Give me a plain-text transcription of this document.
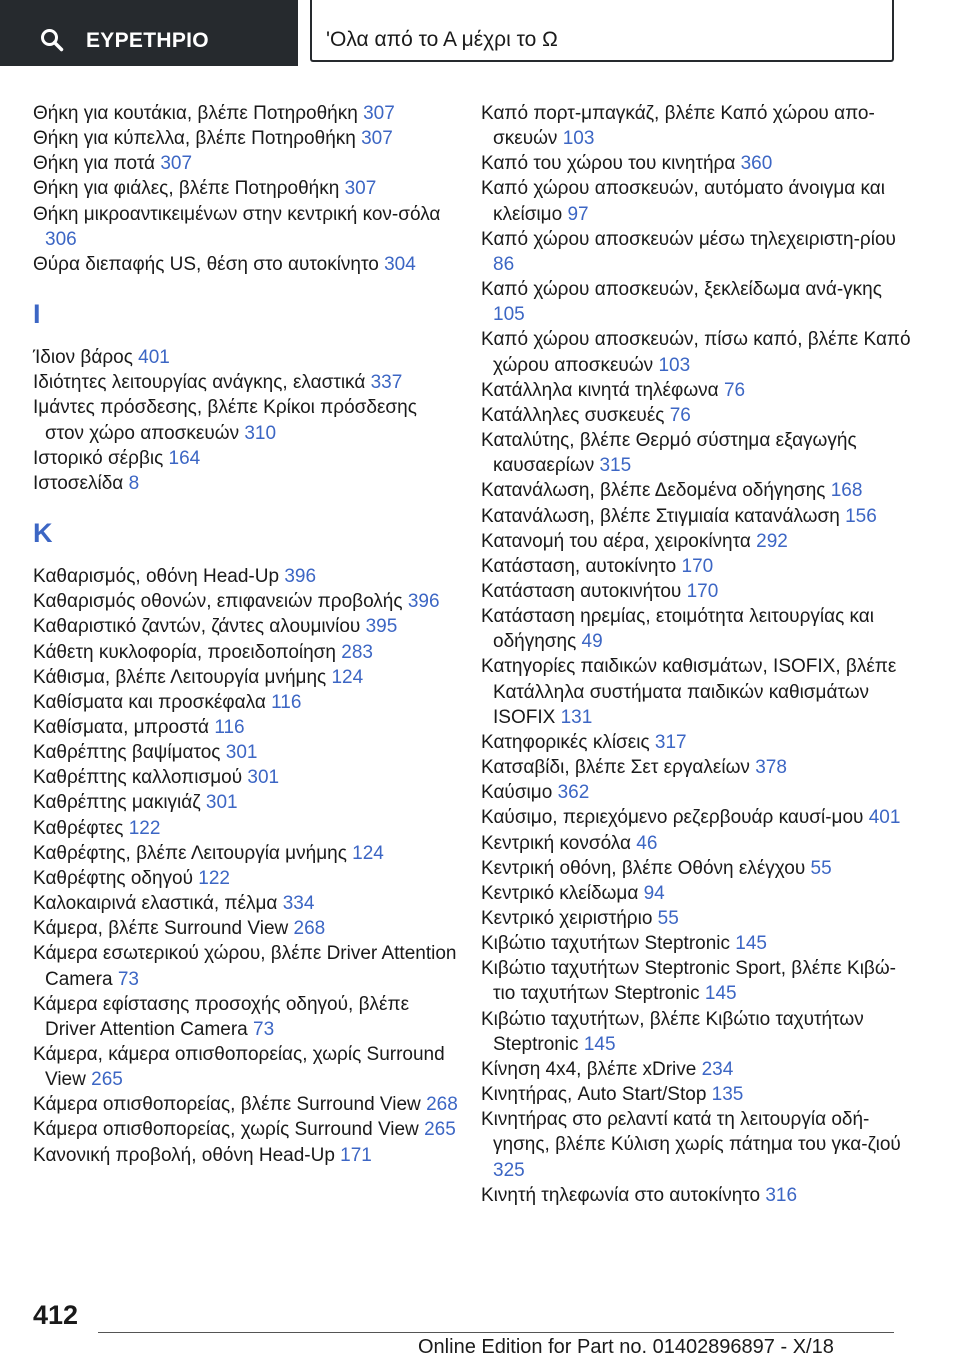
ΕΥΡΕΤΗΡΙΟ	'Ολα από το Α μέχρι το Ω
Θήκη για κουτάκια, βλέπε Ποτηροθήκη 307
Θήκη για κύπελλα, βλέπε Ποτηροθήκη 307
Θήκη για ποτά 307
Θήκη για φιάλες, βλέπε Ποτηροθήκη 307
Θήκη μικροαντικειμένων στην κεντρική κον‐σόλα 306
Θύρα διεπαφής US, θέση στο αυτοκίνητο 304
Ι
Ίδιον βάρος 401
Ιδιότητες λειτουργίας ανάγκης, ελαστικά 337
Ιμάντες πρόσδεσης, βλέπε Κρίκοι πρόσδεσης στον χώρο αποσκευών 310
Ιστορικό σέρβις 164
Ιστοσελίδα 8
Κ
Καθαρισμός, οθόνη Head-Up 396
Καθαρισμός οθονών, επιφανειών προβολής 396
Καθαριστικό ζαντών, ζάντες αλουμινίου 395
Κάθετη κυκλοφορία, προειδοποίηση 283
Κάθισμα, βλέπε Λειτουργία μνήμης 124
Καθίσματα και προσκέφαλα 116
Καθίσματα, μπροστά 116
Καθρέπτης βαψίματος 301
Καθρέπτης καλλοπισμού 301
Καθρέπτης μακιγιάζ 301
Καθρέφτες 122
Καθρέφτης, βλέπε Λειτουργία μνήμης 124
Καθρέφτης οδηγού 122
Καλοκαιρινά ελαστικά, πέλμα 334
Κάμερα, βλέπε Surround View 268
Κάμερα εσωτερικού χώρου, βλέπε Driver Attention Camera 73
Κάμερα εφίστασης προσοχής οδηγού, βλέπε Driver Attention Camera 73
Κάμερα, κάμερα οπισθοπορείας, χωρίς Surround View 265
Κάμερα οπισθοπορείας, βλέπε Surround View 268
Κάμερα οπισθοπορείας, χωρίς Surround View 265
Κανονική προβολή, οθόνη Head-Up 171
Καπό πορτ-μπαγκάζ, βλέπε Καπό χώρου απο‐σκευών 103
Καπό του χώρου του κινητήρα 360
Καπό χώρου αποσκευών, αυτόματο άνοιγμα και κλείσιμο 97
Καπό χώρου αποσκευών μέσω τηλεχειριστη‐ρίου 86
Καπό χώρου αποσκευών, ξεκλείδωμα ανά‐γκης 105
Καπό χώρου αποσκευών, πίσω καπό, βλέπε Καπό χώρου αποσκευών 103
Κατάλληλα κινητά τηλέφωνα 76
Κατάλληλες συσκευές 76
Καταλύτης, βλέπε Θερμό σύστημα εξαγωγής καυσαερίων 315
Κατανάλωση, βλέπε Δεδομένα οδήγησης 168
Κατανάλωση, βλέπε Στιγμιαία κατανάλωση 156
Κατανομή του αέρα, χειροκίνητα 292
Κατάσταση, αυτοκίνητο 170
Κατάσταση αυτοκινήτου 170
Κατάσταση ηρεμίας, ετοιμότητα λειτουργίας και οδήγησης 49
Κατηγορίες παιδικών καθισμάτων, ISOFIX, βλέπε Κατάλληλα συστήματα παιδικών καθισμάτων ISOFIX 131
Κατηφορικές κλίσεις 317
Κατσαβίδι, βλέπε Σετ εργαλείων 378
Καύσιμο 362
Καύσιμο, περιεχόμενο ρεζερβουάρ καυσί‐μου 401
Κεντρική κονσόλα 46
Κεντρική οθόνη, βλέπε Οθόνη ελέγχου 55
Κεντρικό κλείδωμα 94
Κεντρικό χειριστήριο 55
Κιβώτιο ταχυτήτων Steptronic 145
Κιβώτιο ταχυτήτων Steptronic Sport, βλέπε Κιβώ‐τιο ταχυτήτων Steptronic 145
Κιβώτιο ταχυτήτων, βλέπε Κιβώτιο ταχυτήτων Steptronic 145
Κίνηση 4x4, βλέπε xDrive 234
Κινητήρας, Auto Start/Stop 135
Κινητήρας στο ρελαντί κατά τη λειτουργία οδή‐γησης, βλέπε Κύλιση χωρίς πάτημα του γκα‐ζιού 325
Κινητή τηλεφωνία στο αυτοκίνητο 316
412
Online Edition for Part no. 01402896897 - X/18
